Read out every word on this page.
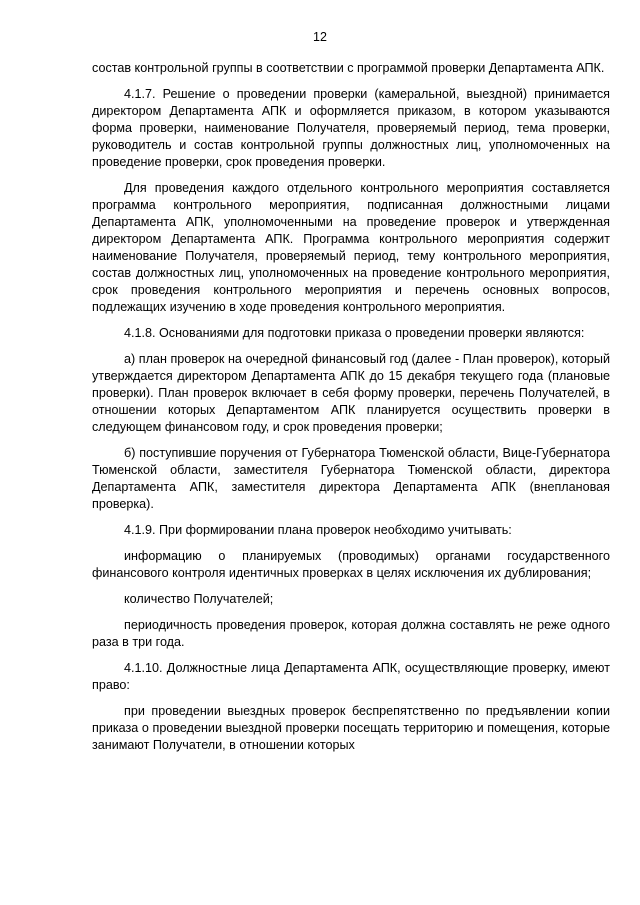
12

состав контрольной группы в соответствии с программой проверки Департамента АПК.

4.1.7. Решение о проведении проверки (камеральной, выездной) принимается директором Департамента АПК и оформляется приказом, в котором указываются форма проверки, наименование Получателя, проверяемый период, тема проверки, руководитель и состав контрольной группы должностных лиц, уполномоченных на проведение проверки, срок проведения проверки.

Для проведения каждого отдельного контрольного мероприятия составляется программа контрольного мероприятия, подписанная должностными лицами Департамента АПК, уполномоченными на проведение проверок и утвержденная директором Департамента АПК. Программа контрольного мероприятия содержит наименование Получателя, проверяемый период, тему контрольного мероприятия, состав должностных лиц, уполномоченных на проведение контрольного мероприятия, срок проведения контрольного мероприятия и перечень основных вопросов, подлежащих изучению в ходе проведения контрольного мероприятия.

4.1.8. Основаниями для подготовки приказа о проведении проверки являются:

а) план проверок на очередной финансовый год (далее - План проверок), который утверждается директором Департамента АПК до 15 декабря текущего года (плановые проверки). План проверок включает в себя форму проверки, перечень Получателей, в отношении которых Департаментом АПК планируется осуществить проверки в следующем финансовом году, и срок проведения проверки;

б) поступившие поручения от Губернатора Тюменской области, Вице-Губернатора Тюменской области, заместителя Губернатора Тюменской области, директора Департамента АПК, заместителя директора Департамента АПК (внеплановая проверка).

4.1.9. При формировании плана проверок необходимо учитывать:

информацию о планируемых (проводимых) органами государственного финансового контроля идентичных проверках в целях исключения их дублирования;

количество Получателей;

периодичность проведения проверок, которая должна составлять не реже одного раза в три года.

4.1.10. Должностные лица Департамента АПК, осуществляющие проверку, имеют право:

при проведении выездных проверок беспрепятственно по предъявлении копии приказа о проведении выездной проверки посещать территорию и помещения, которые занимают Получатели, в отношении которых
